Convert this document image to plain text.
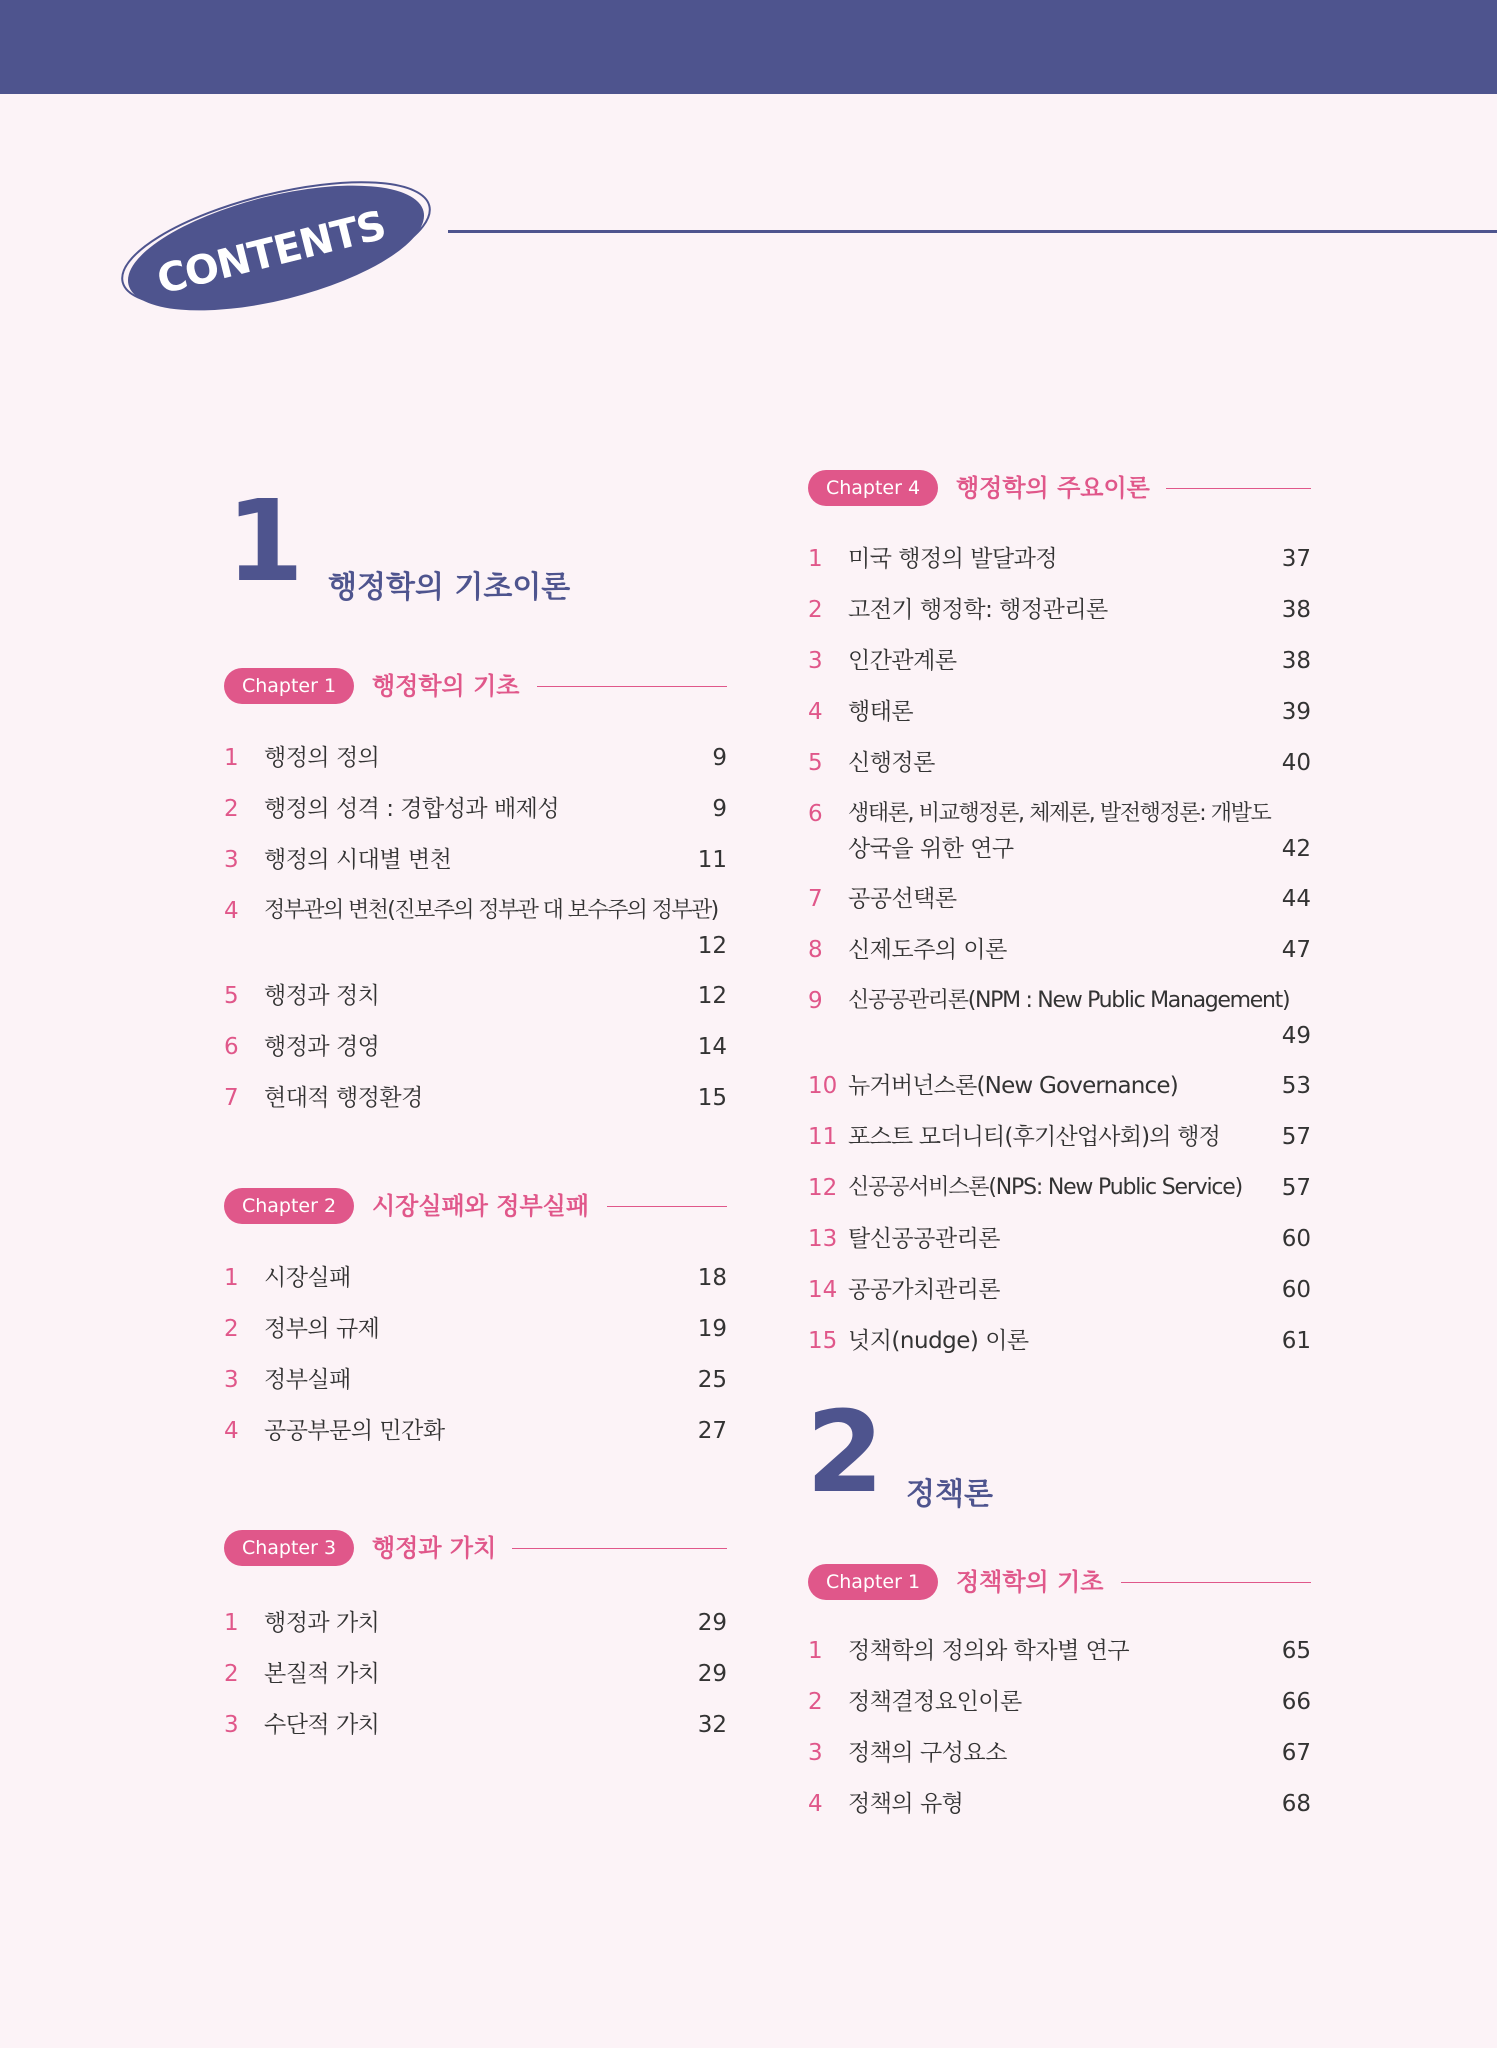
CONTENTS
1 행정학의 기초이론
Chapter 1	행정학의 기초
1 행정의 정의	9
2 행정의 성격 : 경합성과 배제성	9
3 행정의 시대별 변천	11
4 정부관의 변천(진보주의 정부관 대 보수주의 정부관)
12
5 행정과 정치	12
6 행정과 경영	14
7 현대적 행정환경	15
Chapter 2	시장실패와 정부실패
1 시장실패	18
2 정부의 규제	19
3 정부실패	25
4 공공부문의 민간화	27
Chapter 3	행정과 가치
1 행정과 가치	29
2 본질적 가치	29
3 수단적 가치	32
Chapter 4	행정학의 주요이론
1 미국 행정의 발달과정	37
2 고전기 행정학: 행정관리론	38
3 인간관계론	38
4 행태론	39
5 신행정론	40
6 생태론, 비교행정론, 체제론, 발전행정론: 개발도
상국을 위한 연구	42
7 공공선택론	44
8 신제도주의 이론	47
9 신공공관리론(NPM : New Public Management)
49
10 뉴거버넌스론(New Governance)	53
11 포스트 모더니티(후기산업사회)의 행정	57
12 신공공서비스론(NPS: New Public Service) 57
13 탈신공공관리론	60
14 공공가치관리론	60
15 넛지(nudge) 이론	61
2 정책론
Chapter 1	정책학의 기초
1 정책학의 정의와 학자별 연구	65
2 정책결정요인이론	66
3 정책의 구성요소	67
4 정책의 유형	68
